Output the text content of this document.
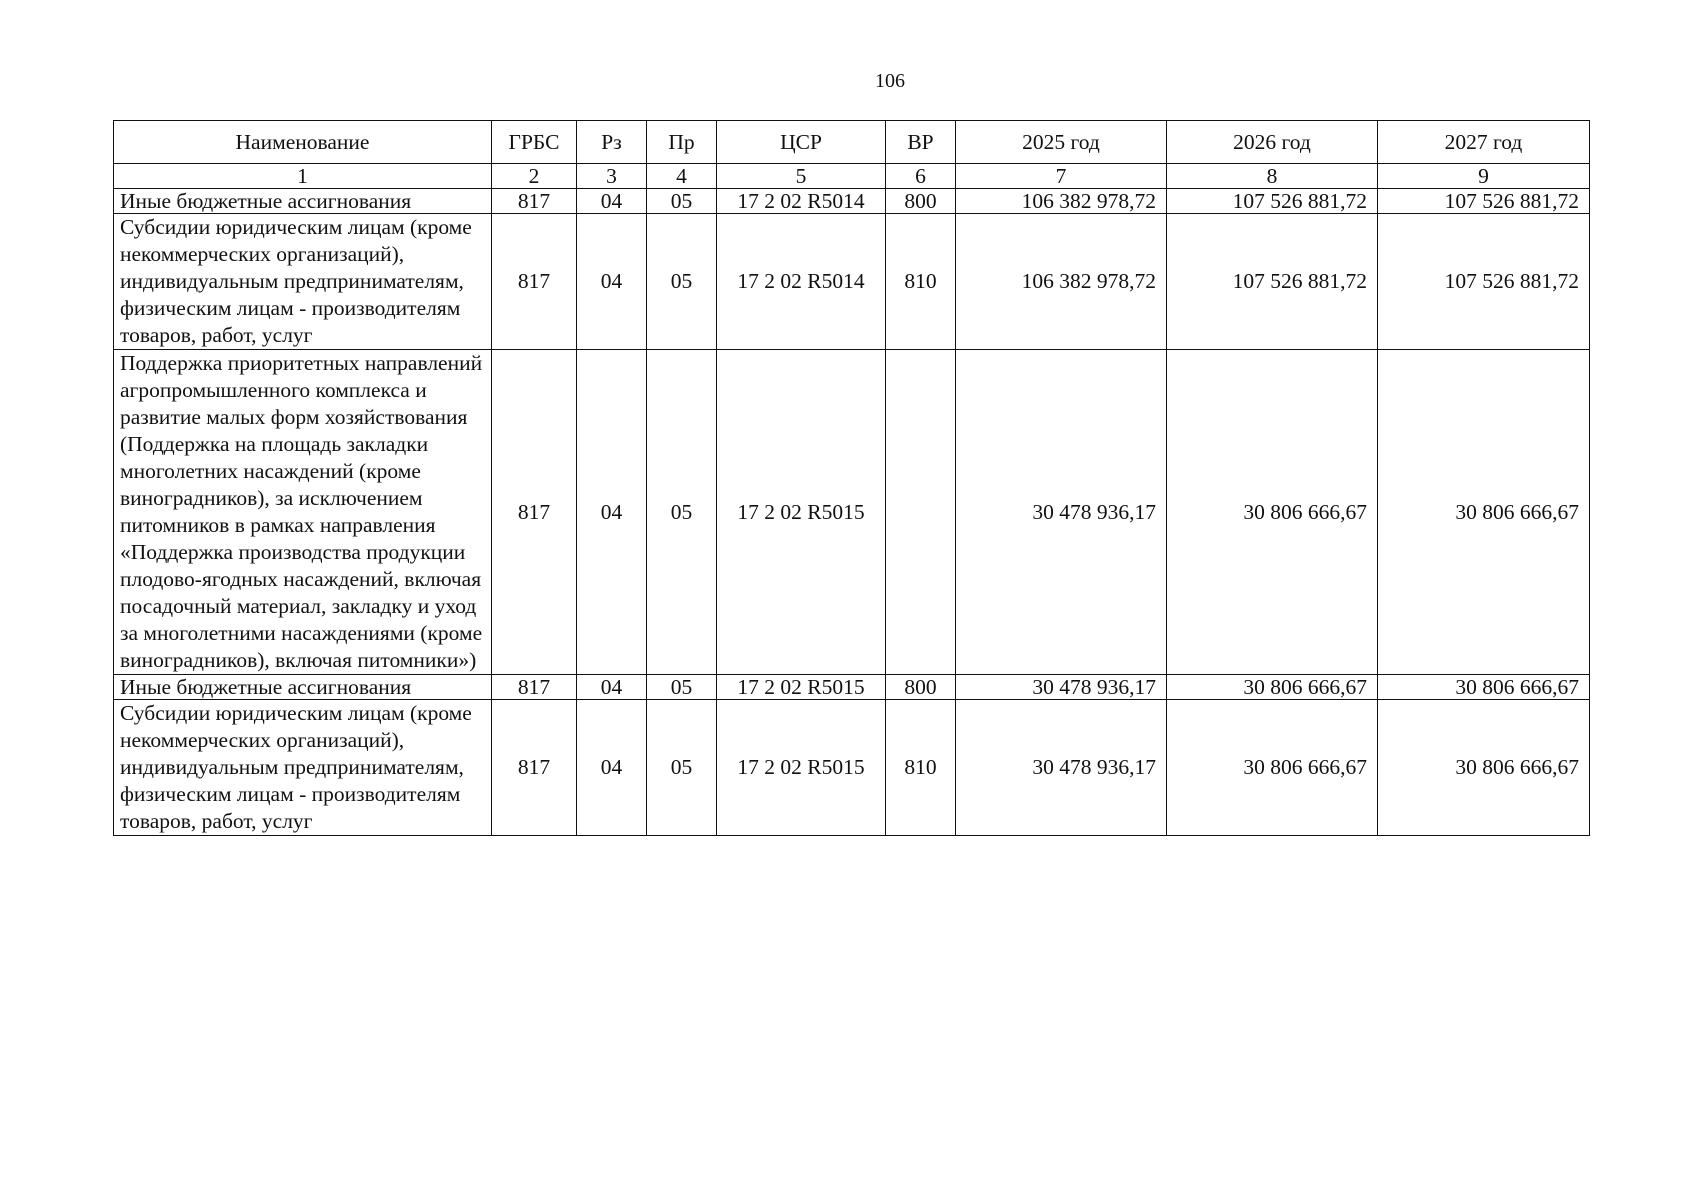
106
Наименование	ГРБС	Рз	Пр	ЦСР	ВР	2025 год	2026 год	2027 год
1	2	3	4	5	6	7	8	9
Иные бюджетные ассигнования	817	04	05	17 2 02 R5014	800	106 382 978,72	107 526 881,72	107 526 881,72
Субсидии юридическим лицам (кроме некоммерческих организаций), индивидуальным предпринимателям, физическим лицам - производителям товаров, работ, услуг	817	04	05	17 2 02 R5014	810	106 382 978,72	107 526 881,72	107 526 881,72
Поддержка приоритетных направлений агропромышленного комплекса и развитие малых форм хозяйствования (Поддержка на площадь закладки многолетних насаждений (кроме виноградников), за исключением питомников в рамках направления «Поддержка производства продукции плодово-ягодных насаждений, включая посадочный материал, закладку и уход за многолетними насаждениями (кроме виноградников), включая питомники»)	817	04	05	17 2 02 R5015		30 478 936,17	30 806 666,67	30 806 666,67
Иные бюджетные ассигнования	817	04	05	17 2 02 R5015	800	30 478 936,17	30 806 666,67	30 806 666,67
Субсидии юридическим лицам (кроме некоммерческих организаций), индивидуальным предпринимателям, физическим лицам - производителям товаров, работ, услуг	817	04	05	17 2 02 R5015	810	30 478 936,17	30 806 666,67	30 806 666,67
